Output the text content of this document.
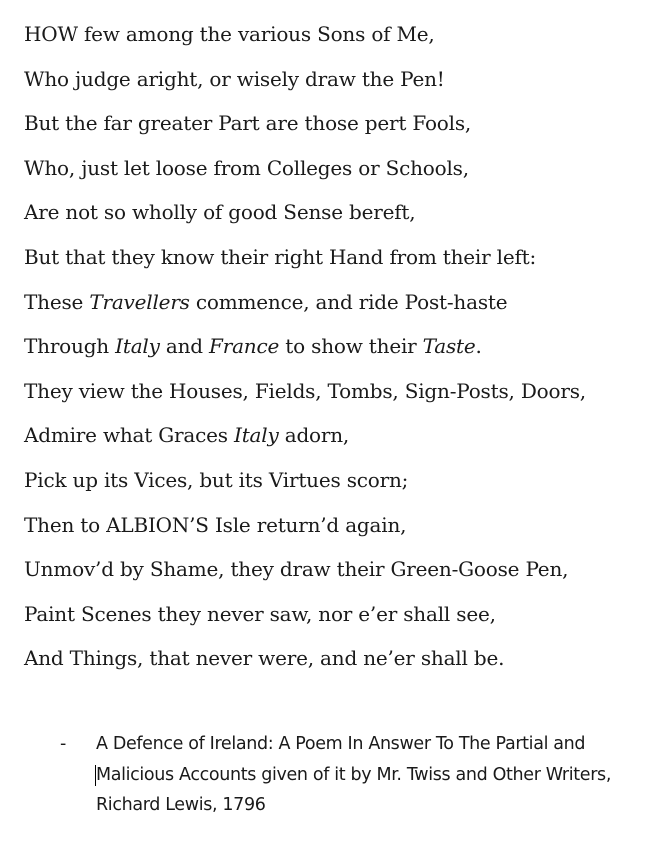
HOW few among the various Sons of Me,
Who judge aright, or wisely draw the Pen!
But the far greater Part are those pert Fools,
Who, just let loose from Colleges or Schools,
Are not so wholly of good Sense bereft,
But that they know their right Hand from their left:
These Travellers commence, and ride Post-haste
Through Italy and France to show their Taste.
They view the Houses, Fields, Tombs, Sign-Posts, Doors,
Admire what Graces Italy adorn,
Pick up its Vices, but its Virtues scorn;
Then to ALBION’S Isle return’d again,
Unmov’d by Shame, they draw their Green-Goose Pen,
Paint Scenes they never saw, nor e’er shall see,
And Things, that never were, and ne’er shall be.
- A Defence of Ireland: A Poem In Answer To The Partial and
Malicious Accounts given of it by Mr. Twiss and Other Writers,
Richard Lewis, 1796
